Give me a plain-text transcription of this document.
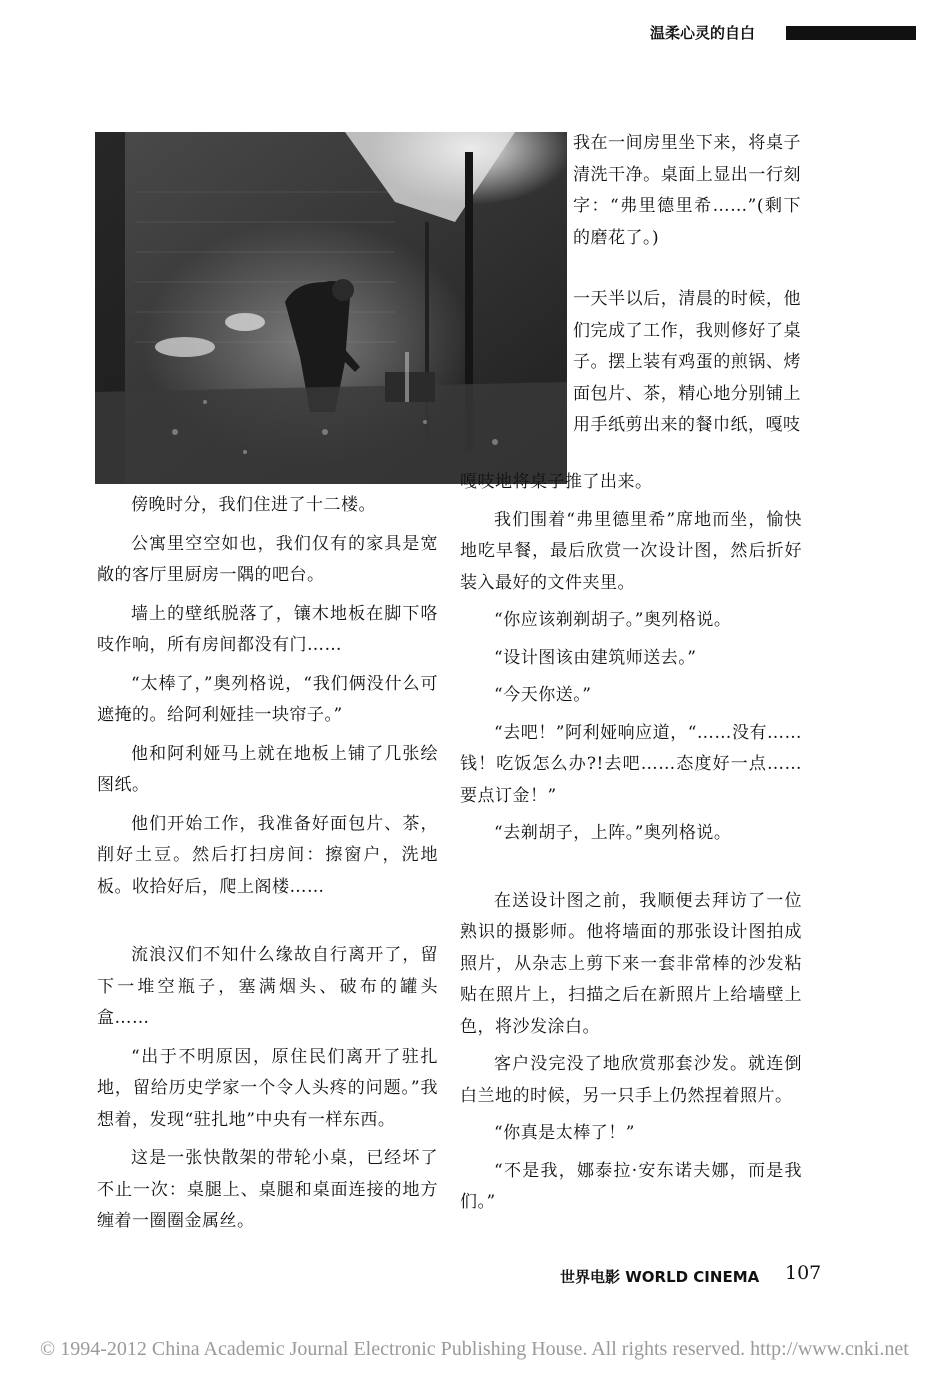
温柔心灵的自白

我在一间房里坐下来，将桌子清洗干净。桌面上显出一行刻字：“弗里德里希……”(剩下的磨花了。)

一天半以后，清晨的时候，他们完成了工作，我则修好了桌子。摆上装有鸡蛋的煎锅、烤面包片、茶，精心地分别铺上用手纸剪出来的餐巾纸，嘎吱

傍晚时分，我们住进了十二楼。

公寓里空空如也，我们仅有的家具是宽敞的客厅里厨房一隅的吧台。

墙上的壁纸脱落了，镶木地板在脚下咯吱作响，所有房间都没有门……

“太棒了，”奥列格说，“我们俩没什么可遮掩的。给阿利娅挂一块帘子。”

他和阿利娅马上就在地板上铺了几张绘图纸。

他们开始工作，我准备好面包片、茶，削好土豆。然后打扫房间：擦窗户，洗地板。收拾好后，爬上阁楼……

流浪汉们不知什么缘故自行离开了，留下一堆空瓶子，塞满烟头、破布的罐头盒……

“出于不明原因，原住民们离开了驻扎地，留给历史学家一个令人头疼的问题。”我想着，发现“驻扎地”中央有一样东西。

这是一张快散架的带轮小桌，已经坏了不止一次：桌腿上、桌腿和桌面连接的地方缠着一圈圈金属丝。

嘎吱地将桌子推了出来。

我们围着“弗里德里希”席地而坐，愉快地吃早餐，最后欣赏一次设计图，然后折好装入最好的文件夹里。

“你应该剃剃胡子。”奥列格说。

“设计图该由建筑师送去。”

“今天你送。”

“去吧！”阿利娅响应道，“……没有……钱！吃饭怎么办?!去吧……态度好一点……要点订金！”

“去剃胡子，上阵。”奥列格说。

在送设计图之前，我顺便去拜访了一位熟识的摄影师。他将墙面的那张设计图拍成照片，从杂志上剪下来一套非常棒的沙发粘贴在照片上，扫描之后在新照片上给墙壁上色，将沙发涂白。

客户没完没了地欣赏那套沙发。就连倒白兰地的时候，另一只手上仍然捏着照片。

“你真是太棒了！”

“不是我，娜泰拉·安东诺夫娜，而是我们。”

世界电影 WORLD CINEMA 107
© 1994-2012 China Academic Journal Electronic Publishing House. All rights reserved. http://www.cnki.net
